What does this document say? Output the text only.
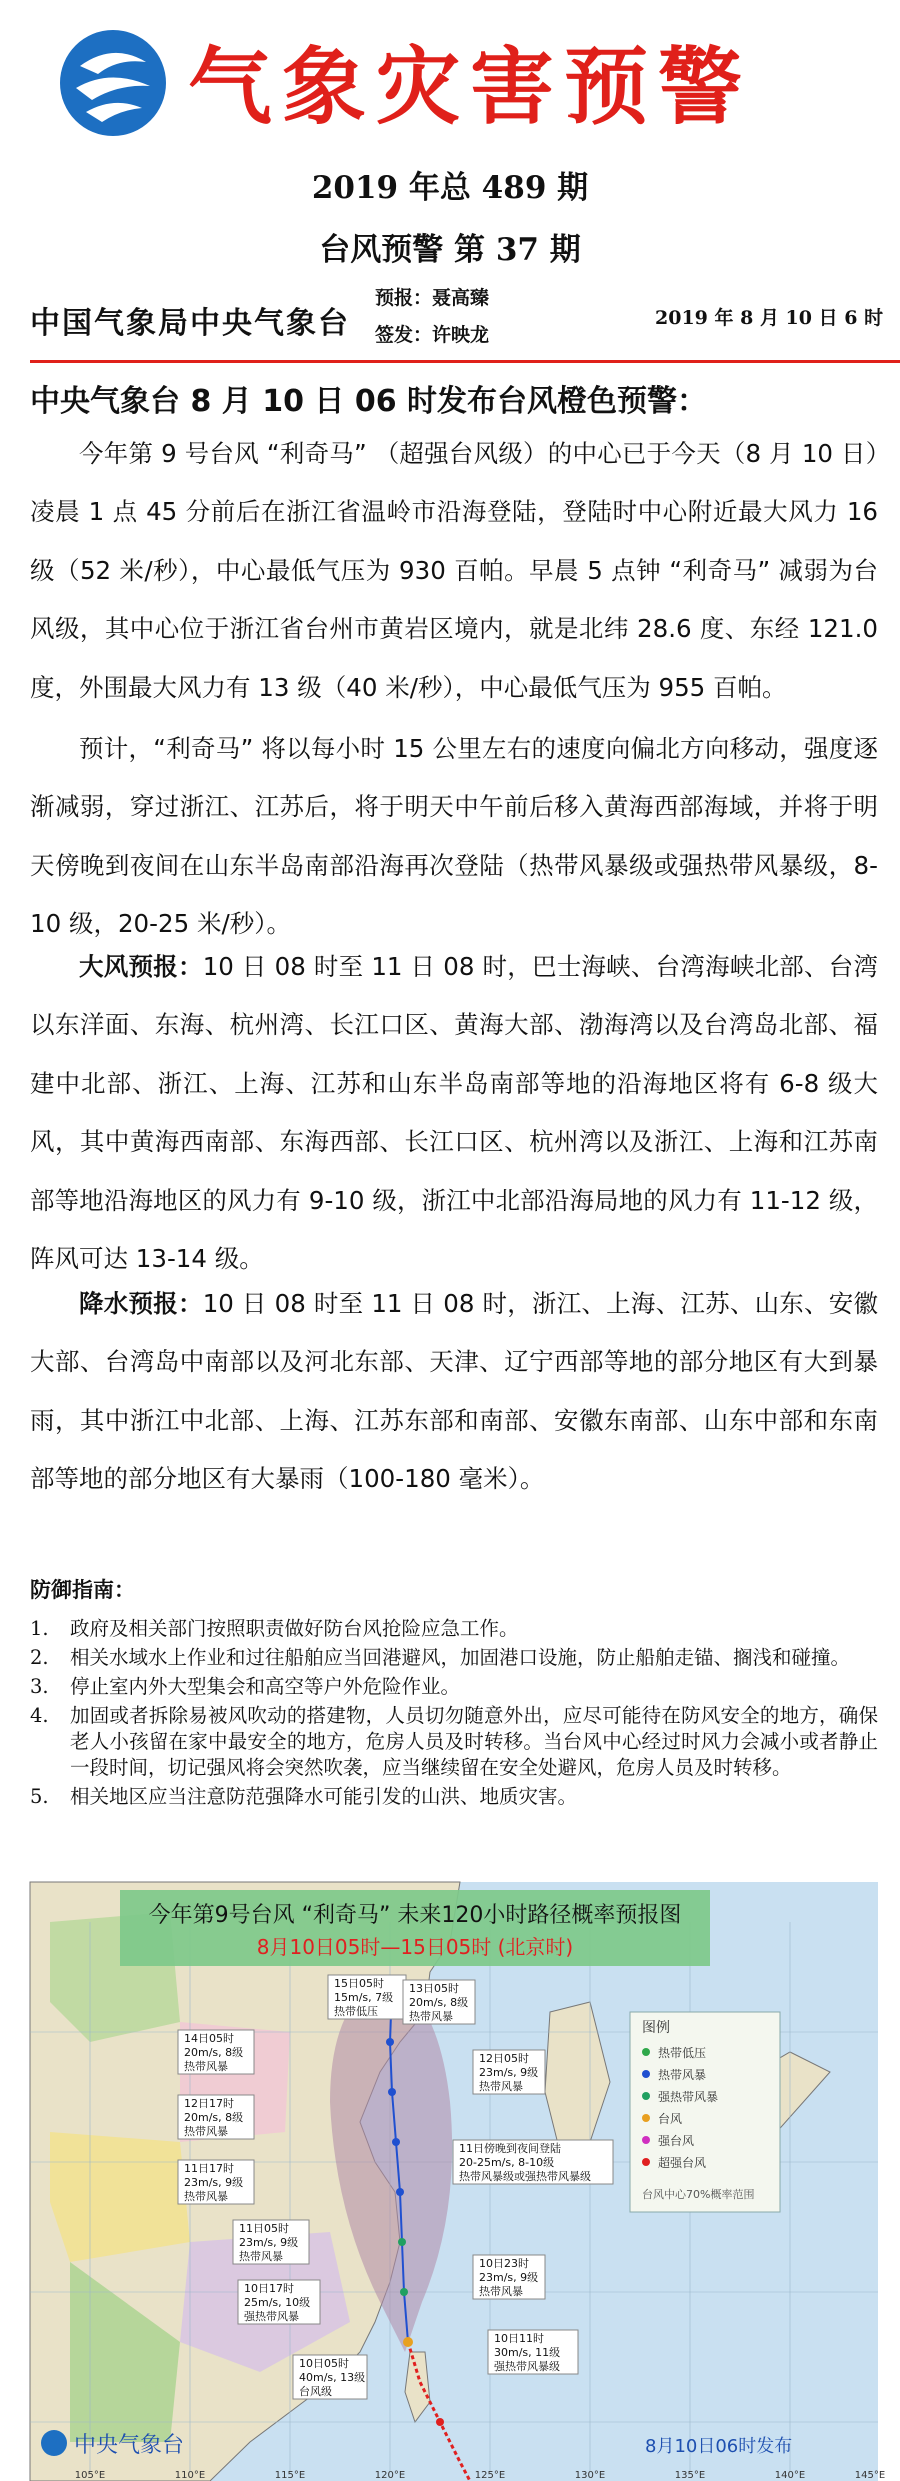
气象灾害预警
2019 年总 489 期
台风预警 第 37 期
中国气象局中央气象台
预报：聂高臻
签发：许映龙
2019 年 8 月 10 日 6 时
中央气象台 8 月 10 日 06 时发布台风橙色预警：

今年第 9 号台风 “利奇马” （超强台风级）的中心已于今天（8 月 10 日）凌晨 1 点 45 分前后在浙江省温岭市沿海登陆，登陆时中心附近最大风力 16 级（52 米/秒），中心最低气压为 930 百帕。早晨 5 点钟 “利奇马” 减弱为台风级，其中心位于浙江省台州市黄岩区境内，就是北纬 28.6 度、东经 121.0 度，外围最大风力有 13 级（40 米/秒），中心最低气压为 955 百帕。

预计，“利奇马” 将以每小时 15 公里左右的速度向偏北方向移动，强度逐渐减弱，穿过浙江、江苏后，将于明天中午前后移入黄海西部海域，并将于明天傍晚到夜间在山东半岛南部沿海再次登陆（热带风暴级或强热带风暴级，8-10 级，20-25 米/秒）。

大风预报：10 日 08 时至 11 日 08 时，巴士海峡、台湾海峡北部、台湾以东洋面、东海、杭州湾、长江口区、黄海大部、渤海湾以及台湾岛北部、福建中北部、浙江、上海、江苏和山东半岛南部等地的沿海地区将有 6-8 级大风，其中黄海西南部、东海西部、长江口区、杭州湾以及浙江、上海和江苏南部等地沿海地区的风力有 9-10 级，浙江中北部沿海局地的风力有 11-12 级，阵风可达 13-14 级。

降水预报：10 日 08 时至 11 日 08 时，浙江、上海、江苏、山东、安徽大部、台湾岛中南部以及河北东部、天津、辽宁西部等地的部分地区有大到暴雨，其中浙江中北部、上海、江苏东部和南部、安徽东南部、山东中部和东南部等地的部分地区有大暴雨（100-180 毫米）。

防御指南：
1. 政府及相关部门按照职责做好防台风抢险应急工作。
2. 相关水域水上作业和过往船舶应当回港避风，加固港口设施，防止船舶走锚、搁浅和碰撞。
3. 停止室内外大型集会和高空等户外危险作业。
4. 加固或者拆除易被风吹动的搭建物，人员切勿随意外出，应尽可能待在防风安全的地方，确保老人小孩留在家中最安全的地方，危房人员及时转移。当台风中心经过时风力会减小或者静止一段时间，切记强风将会突然吹袭，应当继续留在安全处避风，危房人员及时转移。
5. 相关地区应当注意防范强降水可能引发的山洪、地质灾害。
今年第9号台风 “利奇马” 未来120小时路径概率预报图
8月10日05时—15日05时 (北京时)
图例
热带低压
热带风暴
强热带风暴
台风
强台风
超强台风
台风中心70%概率范围
15日05时
15m/s, 7级
热带低压
13日05时
20m/s, 8级
热带风暴
14日05时
20m/s, 8级
热带风暴
12日05时
23m/s, 9级
热带风暴
12日17时
20m/s, 8级
热带风暴
11日17时
23m/s, 9级
热带风暴
11日05时
23m/s, 9级
热带风暴
10日17时
25m/s, 10级
强热带风暴
10日05时
40m/s, 13级
台风级
10日23时
23m/s, 9级
热带风暴
10日11时
30m/s, 11级
强热带风暴级
11日傍晚到夜间登陆
20-25m/s, 8-10级
热带风暴级或强热带风暴级
中央气象台	8月10日06时发布
105°E	110°E	115°E	120°E	125°E	130°E	135°E	140°E	145°E
